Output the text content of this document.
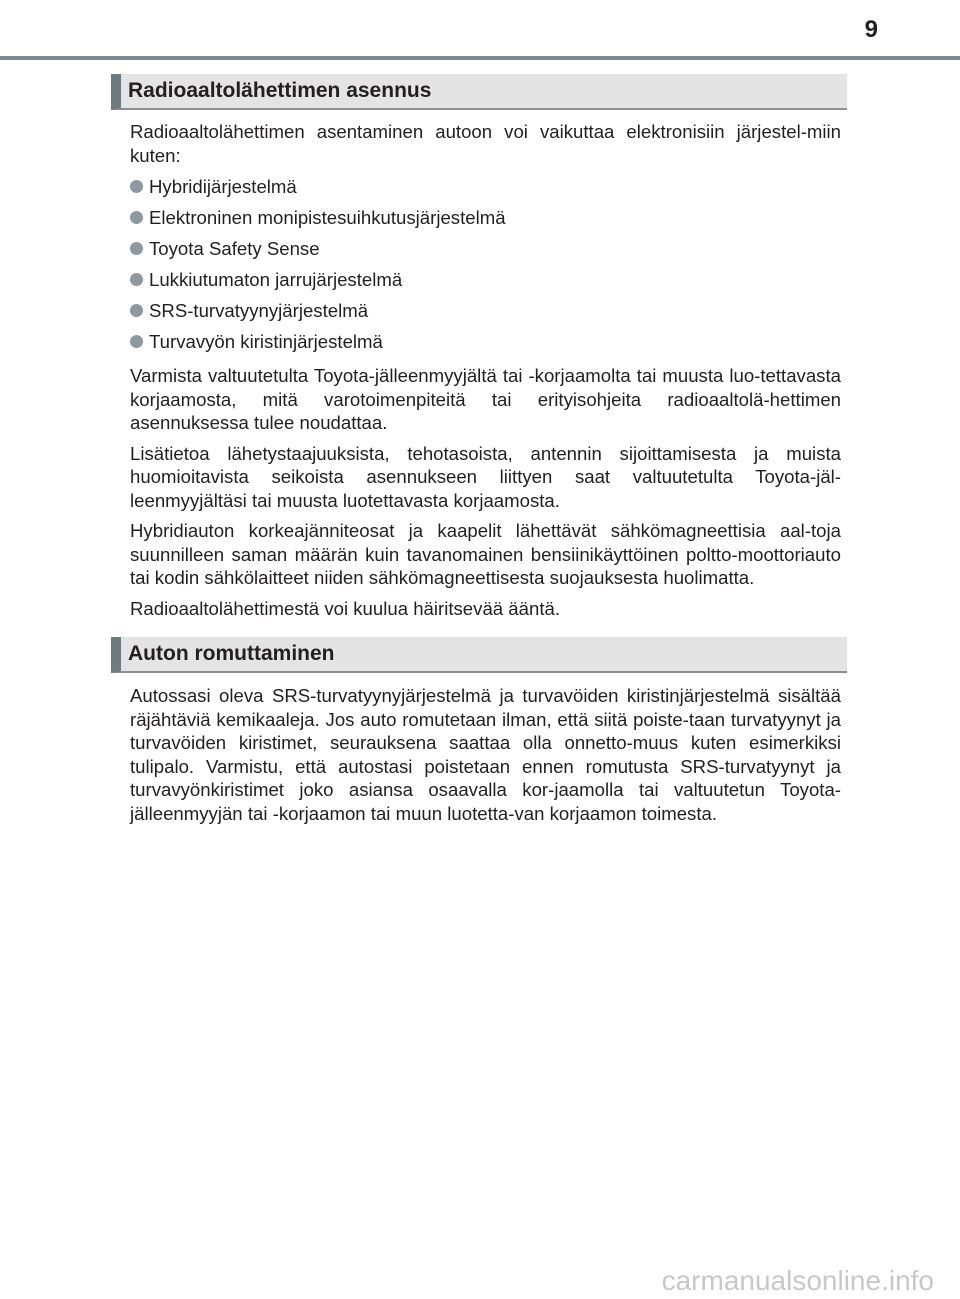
9
Radioaaltolähettimen asennus

Radioaaltolähettimen asentaminen autoon voi vaikuttaa elektronisiin järjestel-miin kuten:

Hybridijärjestelmä
Elektroninen monipistesuihkutusjärjestelmä
Toyota Safety Sense
Lukkiutumaton jarrujärjestelmä
SRS-turvatyynyjärjestelmä
Turvavyön kiristinjärjestelmä

Varmista valtuutetulta Toyota-jälleenmyyjältä tai -korjaamolta tai muusta luo-tettavasta korjaamosta, mitä varotoimenpiteitä tai erityisohjeita radioaaltolä-hettimen asennuksessa tulee noudattaa.

Lisätietoa lähetystaajuuksista, tehotasoista, antennin sijoittamisesta ja muista huomioitavista seikoista asennukseen liittyen saat valtuutetulta Toyota-jäl-leenmyyjältäsi tai muusta luotettavasta korjaamosta.

Hybridiauton korkeajänniteosat ja kaapelit lähettävät sähkömagneettisia aal-toja suunnilleen saman määrän kuin tavanomainen bensiinikäyttöinen poltto-moottoriauto tai kodin sähkölaitteet niiden sähkömagneettisesta suojauksesta huolimatta.

Radioaaltolähettimestä voi kuulua häiritsevää ääntä.

Auton romuttaminen

Autossasi oleva SRS-turvatyynyjärjestelmä ja turvavöiden kiristinjärjestelmä sisältää räjähtäviä kemikaaleja. Jos auto romutetaan ilman, että siitä poiste-taan turvatyynyt ja turvavöiden kiristimet, seurauksena saattaa olla onnetto-muus kuten esimerkiksi tulipalo. Varmistu, että autostasi poistetaan ennen romutusta SRS-turvatyynyt ja turvavyönkiristimet joko asiansa osaavalla kor-jaamolla tai valtuutetun Toyota-jälleenmyyjän tai -korjaamon tai muun luotetta-van korjaamon toimesta.

carmanualsonline.info
